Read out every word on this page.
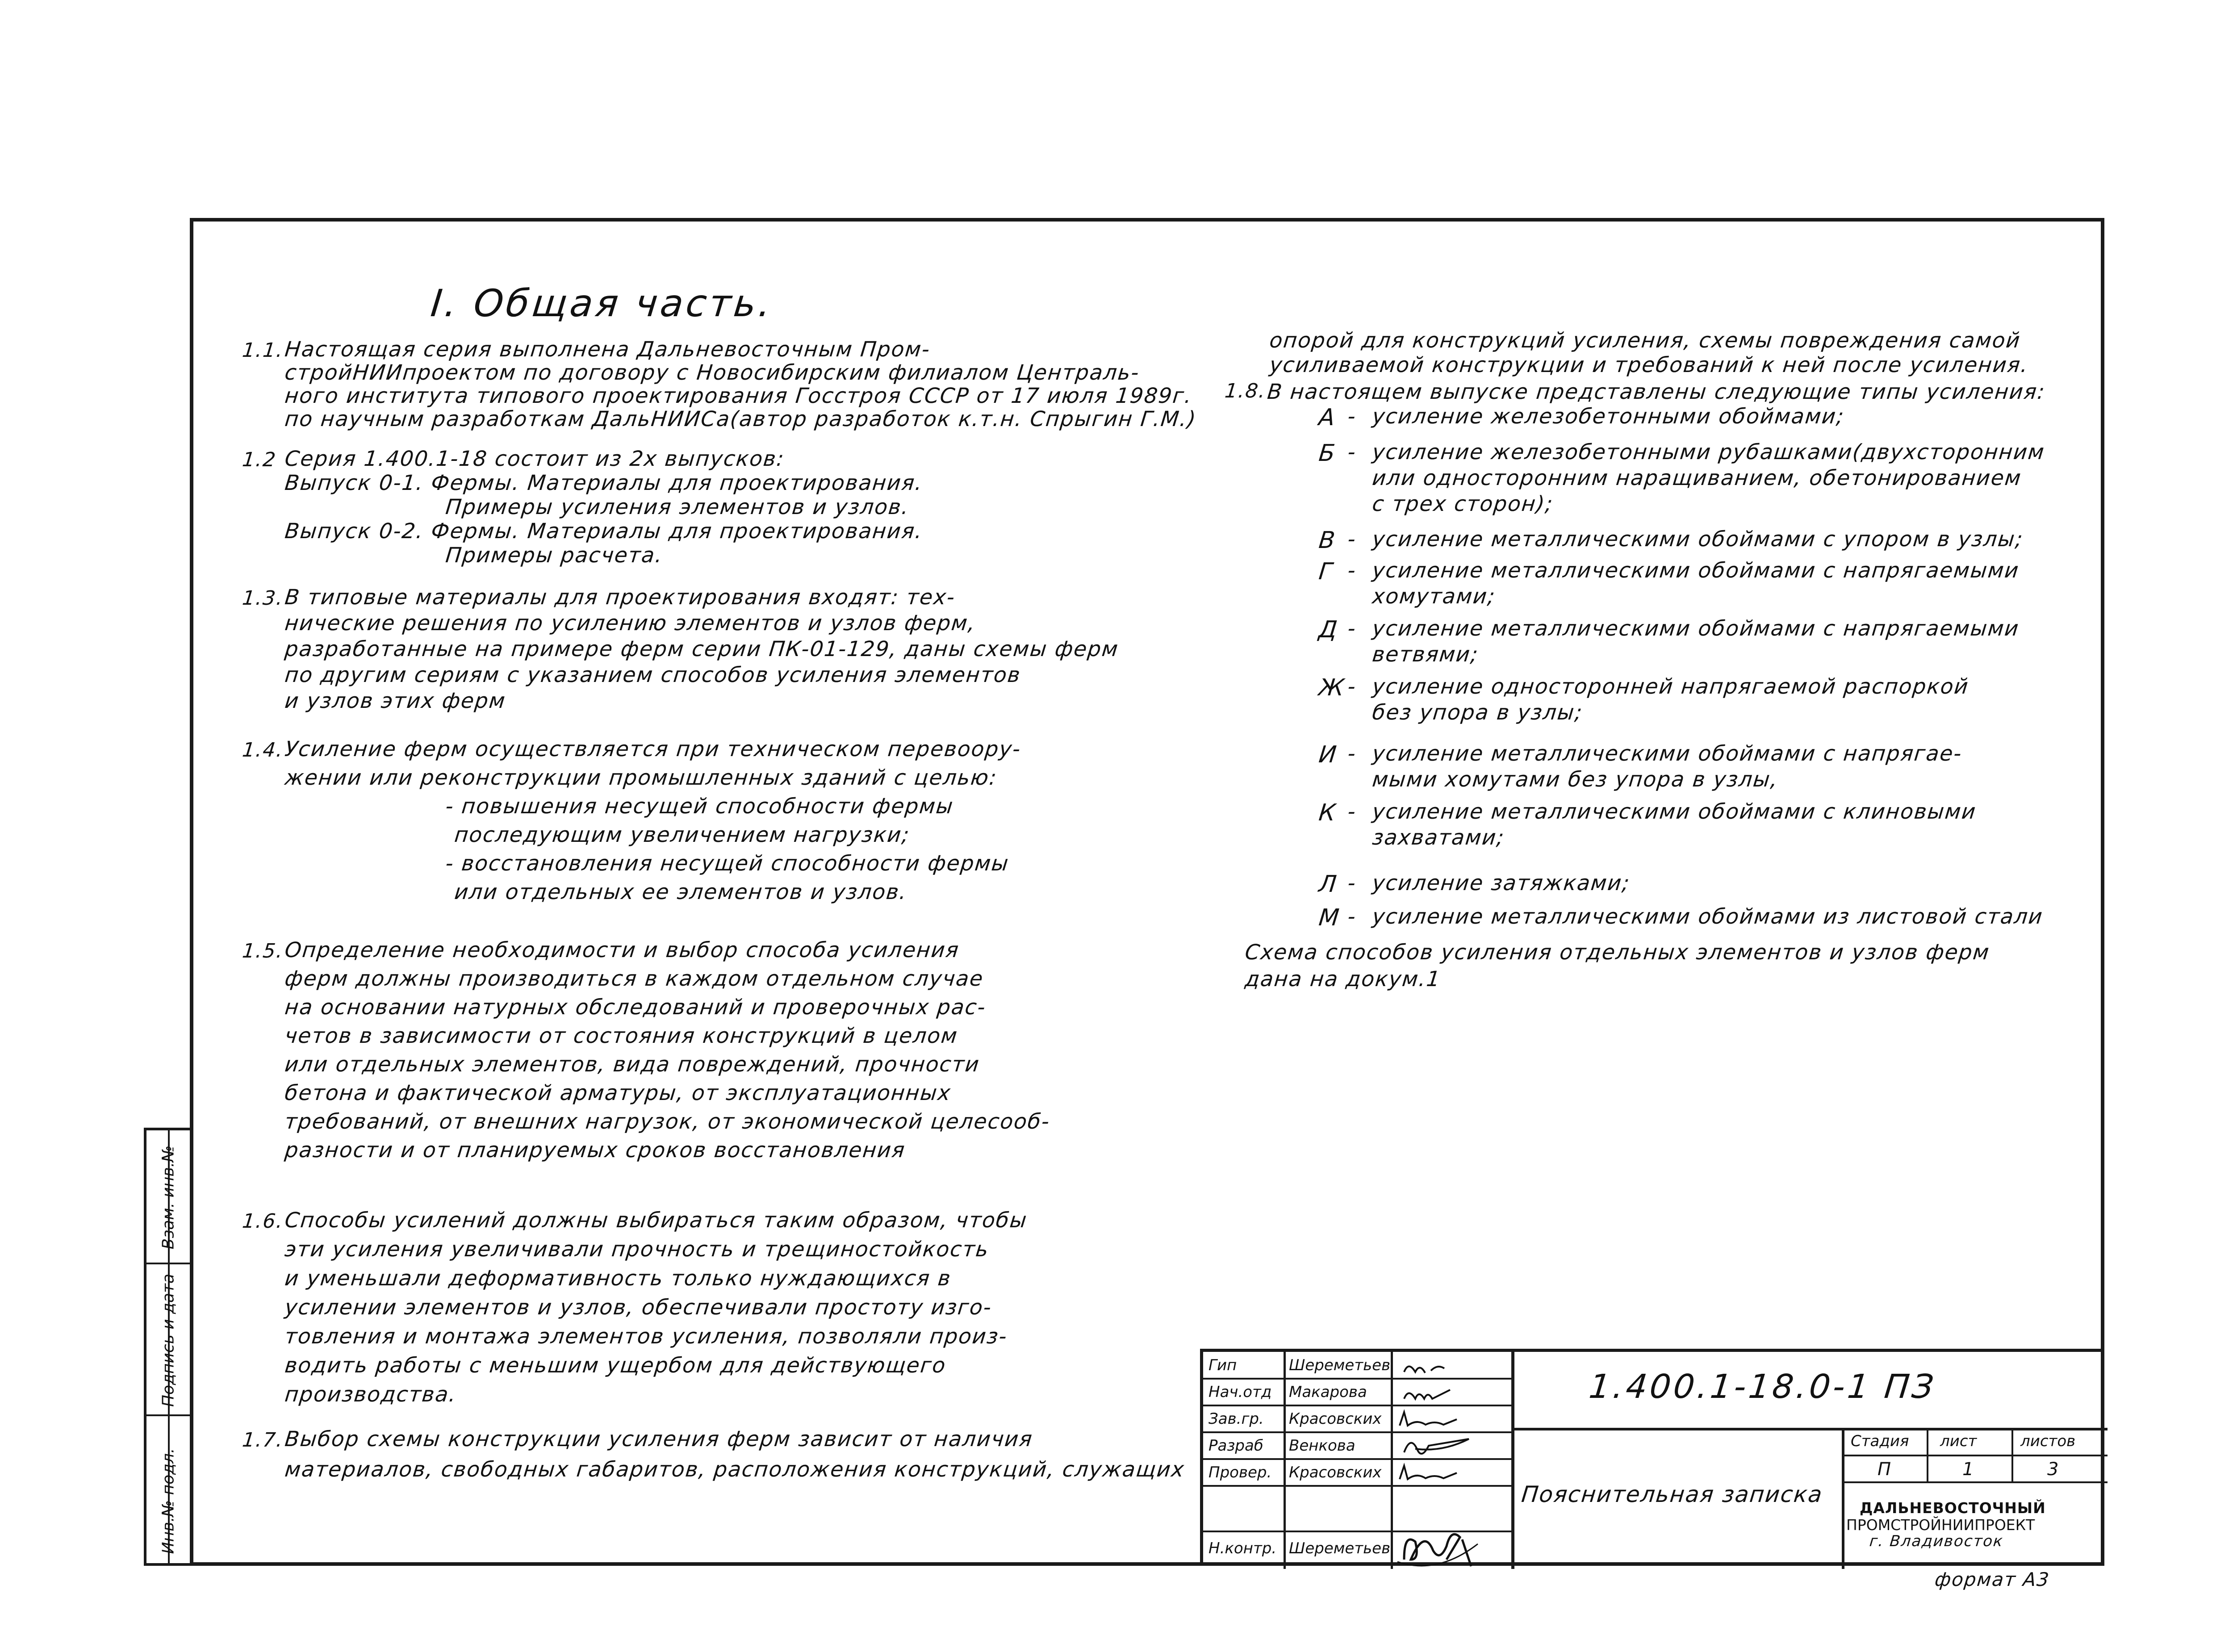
Инв.№ подл.
Подпись и дата
Взам. инв.№
I. Общая часть.
1.1.
Настоящая серия выполнена Дальневосточным Пром-
стройНИИпроектом по договору с Новосибирским филиалом Централь-
ного института типового проектирования Госстроя СССР от 17 июля 1989г.
по научным разработкам ДальНИИСа(автор разработок к.т.н. Спрыгин Г.М.)
1.2 Серия 1.400.1-18 состоит из 2х выпусков:
Выпуск 0-1. Фермы. Материалы для проектирования.
Примеры усиления элементов и узлов.
Выпуск 0-2. Фермы. Материалы для проектирования.
Примеры расчета.
1.3.
В типовые материалы для проектирования входят: тех-
нические решения по усилению элементов и узлов ферм,
разработанные на примере ферм серии ПК-01-129, даны схемы ферм
по другим сериям с указанием способов усиления элементов
и узлов этих ферм
1.4.
Усиление ферм осуществляется при техническом перевоору-
жении или реконструкции промышленных зданий с целью:
- повышения несущей способности фермы
последующим увеличением нагрузки;
- восстановления несущей способности фермы
или отдельных ее элементов и узлов.
1.5.
Определение необходимости и выбор способа усиления
ферм должны производиться в каждом отдельном случае
на основании натурных обследований и проверочных рас-
четов в зависимости от состояния конструкций в целом
или отдельных элементов, вида повреждений, прочности
бетона и фактической арматуры, от эксплуатационных
требований, от внешних нагрузок, от экономической целесооб-
разности и от планируемых сроков восстановления
1.6.
Способы усилений должны выбираться таким образом, чтобы
эти усиления увеличивали прочность и трещиностойкость
и уменьшали деформативность только нуждающихся в
усилении элементов и узлов, обеспечивали простоту изго-
товления и монтажа элементов усиления, позволяли произ-
водить работы с меньшим ущербом для действующего
производства.
1.7.
Выбор схемы конструкции усиления ферм зависит от наличия
материалов, свободных габаритов, расположения конструкций, служащих
опорой для конструкций усиления, схемы повреждения самой
усиливаемой конструкции и требований к ней после усиления.
1.8.
В настоящем выпуске представлены следующие типы усиления:
А - усиление железобетонными обоймами;
Б - усиление железобетонными рубашками(двухсторонним
или односторонним наращиванием, обетонированием
с трех сторон);
В - усиление металлическими обоймами с упором в узлы;
Г - усиление металлическими обоймами с напрягаемыми
хомутами;
Д - усиление металлическими обоймами с напрягаемыми
ветвями;
Ж - усиление односторонней напрягаемой распоркой
без упора в узлы;
И - усиление металлическими обоймами с напрягае-
мыми хомутами без упора в узлы,
К - усиление металлическими обоймами с клиновыми
захватами;
Л - усиление затяжками;
М - усиление металлическими обоймами из листовой стали
Схема способов усиления отдельных элементов и узлов ферм
дана на докум.1
Гип	Шереметьев
Нач.отд Макарова
Зав.гр. Красовских
Разраб Венкова
Провер. Красовских
Н.контр. Шереметьев
1.400.1-18.0-1 ПЗ
Пояснительная записка
Стадия лист	листов
П	1	3
ДАЛЬНЕВОСТОЧНЫЙ
ПРОМСТРОЙНИИПРОЕКТ
г. Владивосток
формат А3
